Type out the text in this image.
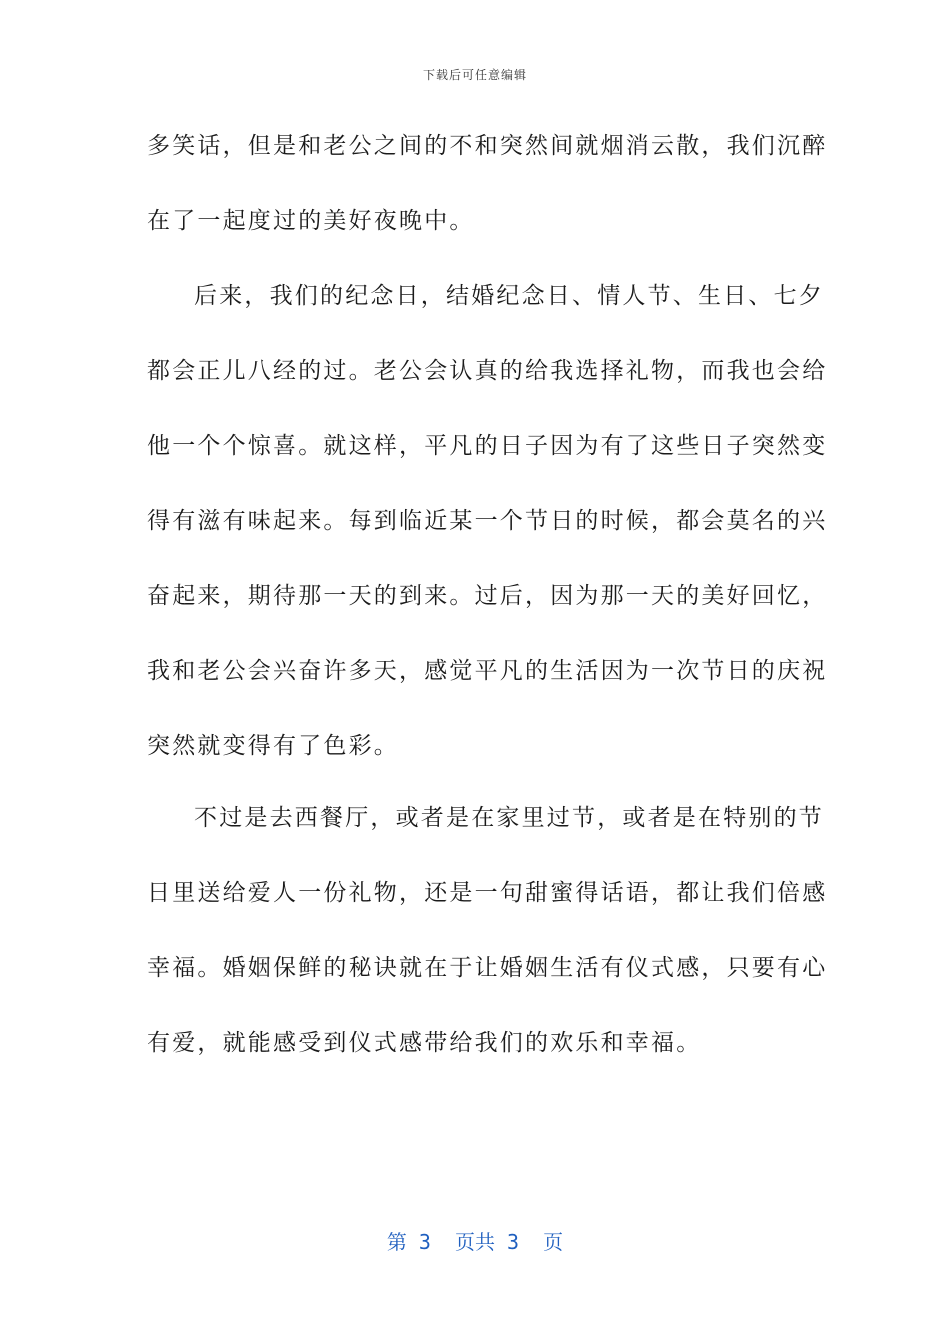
下载后可任意编辑
多笑话，但是和老公之间的不和突然间就烟消云散，我们沉醉
在了一起度过的美好夜晚中。
后来，我们的纪念日，结婚纪念日、情人节、生日、七夕
都会正儿八经的过。老公会认真的给我选择礼物，而我也会给
他一个个惊喜。就这样，平凡的日子因为有了这些日子突然变
得有滋有味起来。每到临近某一个节日的时候，都会莫名的兴
奋起来，期待那一天的到来。过后，因为那一天的美好回忆，
我和老公会兴奋许多天，感觉平凡的生活因为一次节日的庆祝
突然就变得有了色彩。
不过是去西餐厅，或者是在家里过节，或者是在特别的节
日里送给爱人一份礼物，还是一句甜蜜得话语，都让我们倍感
幸福。婚姻保鲜的秘诀就在于让婚姻生活有仪式感，只要有心
有爱，就能感受到仪式感带给我们的欢乐和幸福。
第 3  页共 3  页
